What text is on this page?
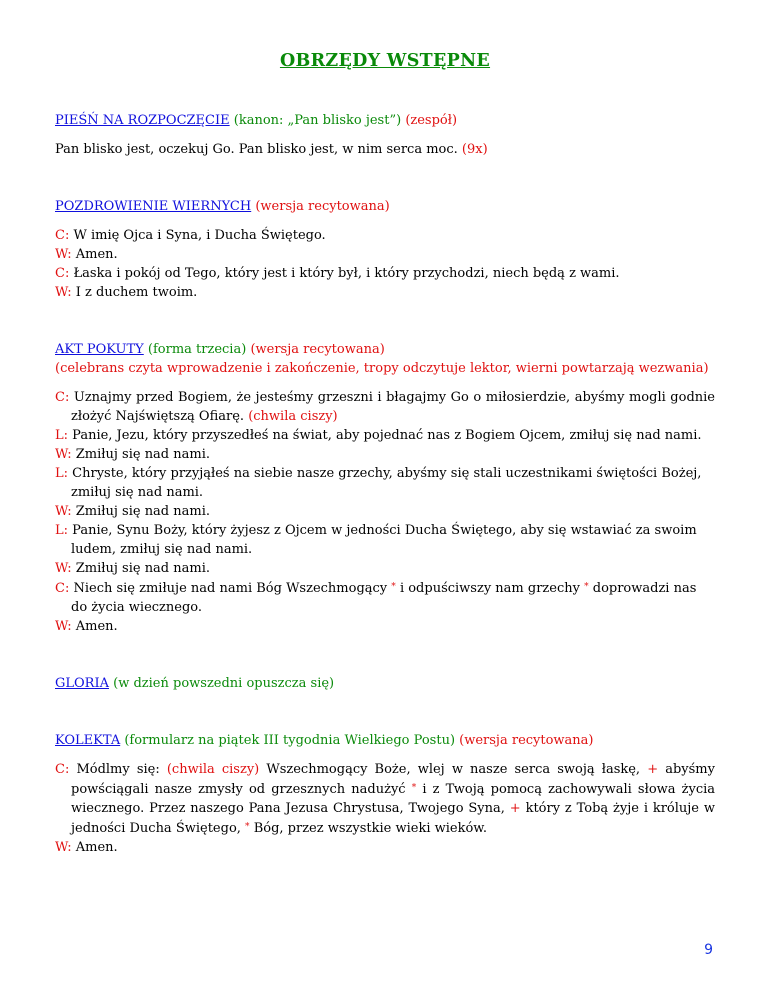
OBRZĘDY WSTĘPNE

PIEŚŃ NA ROZPOCZĘCIE (kanon: „Pan blisko jest”) (zespół)

Pan blisko jest, oczekuj Go. Pan blisko jest, w nim serca moc. (9x)

POZDROWIENIE WIERNYCH (wersja recytowana)

C: W imię Ojca i Syna, i Ducha Świętego.

W: Amen.

C: Łaska i pokój od Tego, który jest i który był, i który przychodzi, niech będą z wami.

W: I z duchem twoim.

AKT POKUTY (forma trzecia) (wersja recytowana)

(celebrans czyta wprowadzenie i zakończenie, tropy odczytuje lektor, wierni powtarzają wezwania)

C: Uznajmy przed Bogiem, że jesteśmy grzeszni i błagajmy Go o miłosierdzie, abyśmy mogli godnie złożyć Najświętszą Ofiarę. (chwila ciszy)

L: Panie, Jezu, który przyszedłeś na świat, aby pojednać nas z Bogiem Ojcem, zmiłuj się nad nami.

W: Zmiłuj się nad nami.

L: Chryste, który przyjąłeś na siebie nasze grzechy, abyśmy się stali uczestnikami świętości Bożej, zmiłuj się nad nami.

W: Zmiłuj się nad nami.

L: Panie, Synu Boży, który żyjesz z Ojcem w jedności Ducha Świętego, aby się wstawiać za swoim ludem, zmiłuj się nad nami.

W: Zmiłuj się nad nami.

C: Niech się zmiłuje nad nami Bóg Wszechmogący * i odpuściwszy nam grzechy * doprowadzi nas do życia wiecznego.

W: Amen.

GLORIA (w dzień powszedni opuszcza się)

KOLEKTA (formularz na piątek III tygodnia Wielkiego Postu) (wersja recytowana)

C: Módlmy się: (chwila ciszy) Wszechmogący Boże, wlej w nasze serca swoją łaskę, + abyśmy powściągali nasze zmysły od grzesznych nadużyć * i z Twoją pomocą zachowywali słowa życia wiecznego. Przez naszego Pana Jezusa Chrystusa, Twojego Syna, + który z Tobą żyje i króluje w jedności Ducha Świętego, * Bóg, przez wszystkie wieki wieków.

W: Amen.

9
